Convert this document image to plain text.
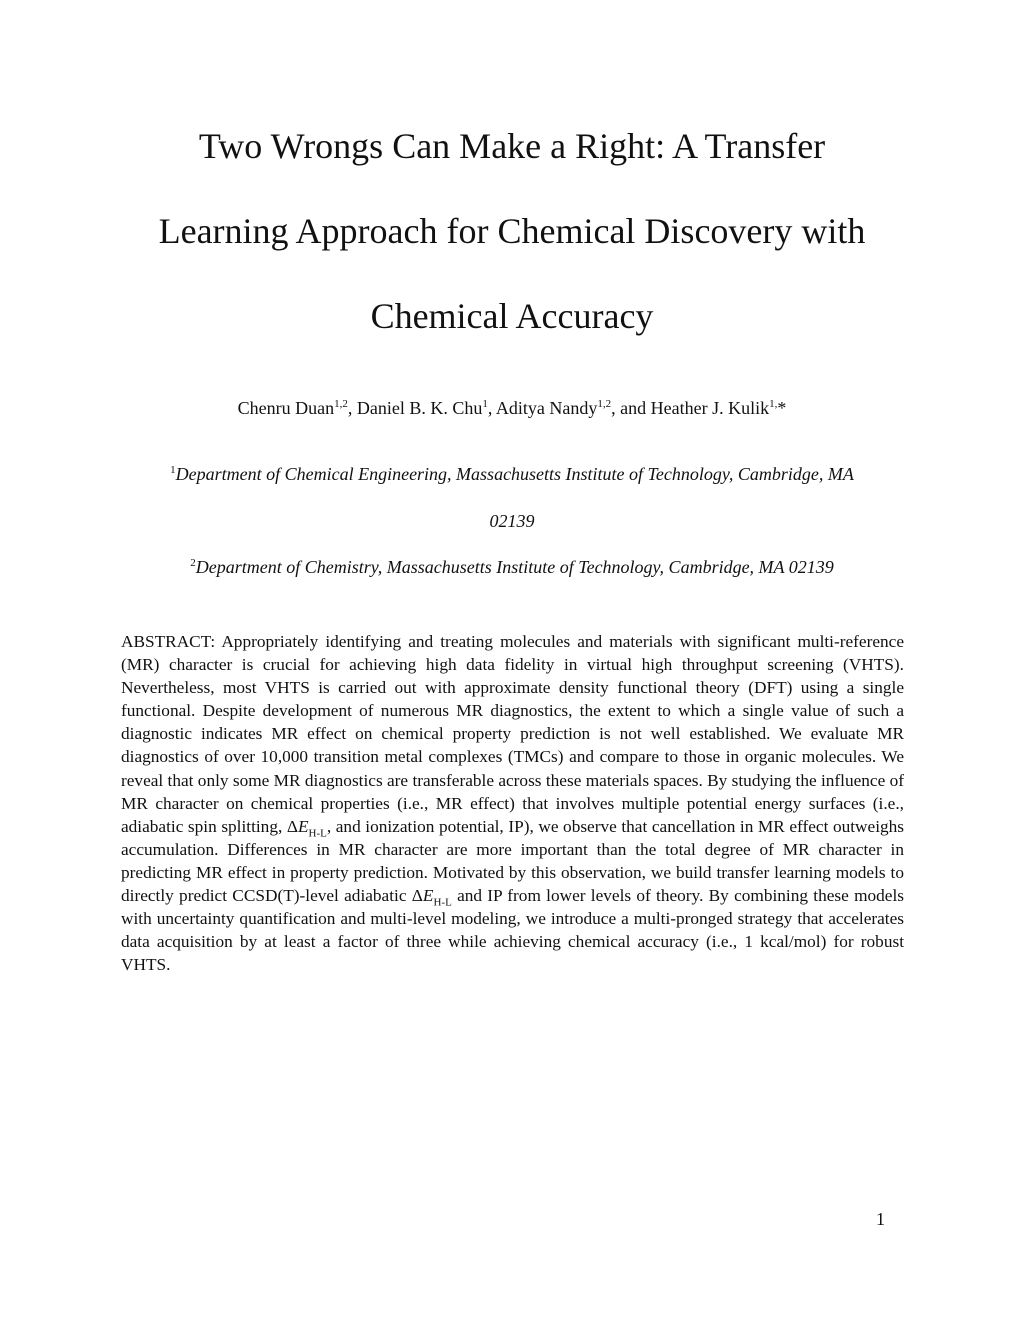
Two Wrongs Can Make a Right: A Transfer
Learning Approach for Chemical Discovery with
Chemical Accuracy
Chenru Duan$^{1,2}$, Daniel B. K. Chu$^1$, Aditya Nandy$^{1,2}$, and Heather J. Kulik$^{1,}$*
$^1$Department of Chemical Engineering, Massachusetts Institute of Technology, Cambridge, MA
02139
$^2$Department of Chemistry, Massachusetts Institute of Technology, Cambridge, MA 02139

ABSTRACT: Appropriately identifying and treating molecules and materials with significant multi-reference (MR) character is crucial for achieving high data fidelity in virtual high throughput screening (VHTS). Nevertheless, most VHTS is carried out with approximate density functional theory (DFT) using a single functional. Despite development of numerous MR diagnostics, the extent to which a single value of such a diagnostic indicates MR effect on chemical property prediction is not well established. We evaluate MR diagnostics of over 10,000 transition metal complexes (TMCs) and compare to those in organic molecules. We reveal that only some MR diagnostics are transferable across these materials spaces. By studying the influence of MR character on chemical properties (i.e., MR effect) that involves multiple potential energy surfaces (i.e., adiabatic spin splitting, $\Delta E_{H-L}$, and ionization potential, IP), we observe that cancellation in MR effect outweighs accumulation. Differences in MR character are more important than the total degree of MR character in predicting MR effect in property prediction. Motivated by this observation, we build transfer learning models to directly predict CCSD(T)-level adiabatic $\Delta E_{H-L}$ and IP from lower levels of theory. By combining these models with uncertainty quantification and multi-level modeling, we introduce a multi-pronged strategy that accelerates data acquisition by at least a factor of three while achieving chemical accuracy (i.e., 1 kcal/mol) for robust VHTS.

1
